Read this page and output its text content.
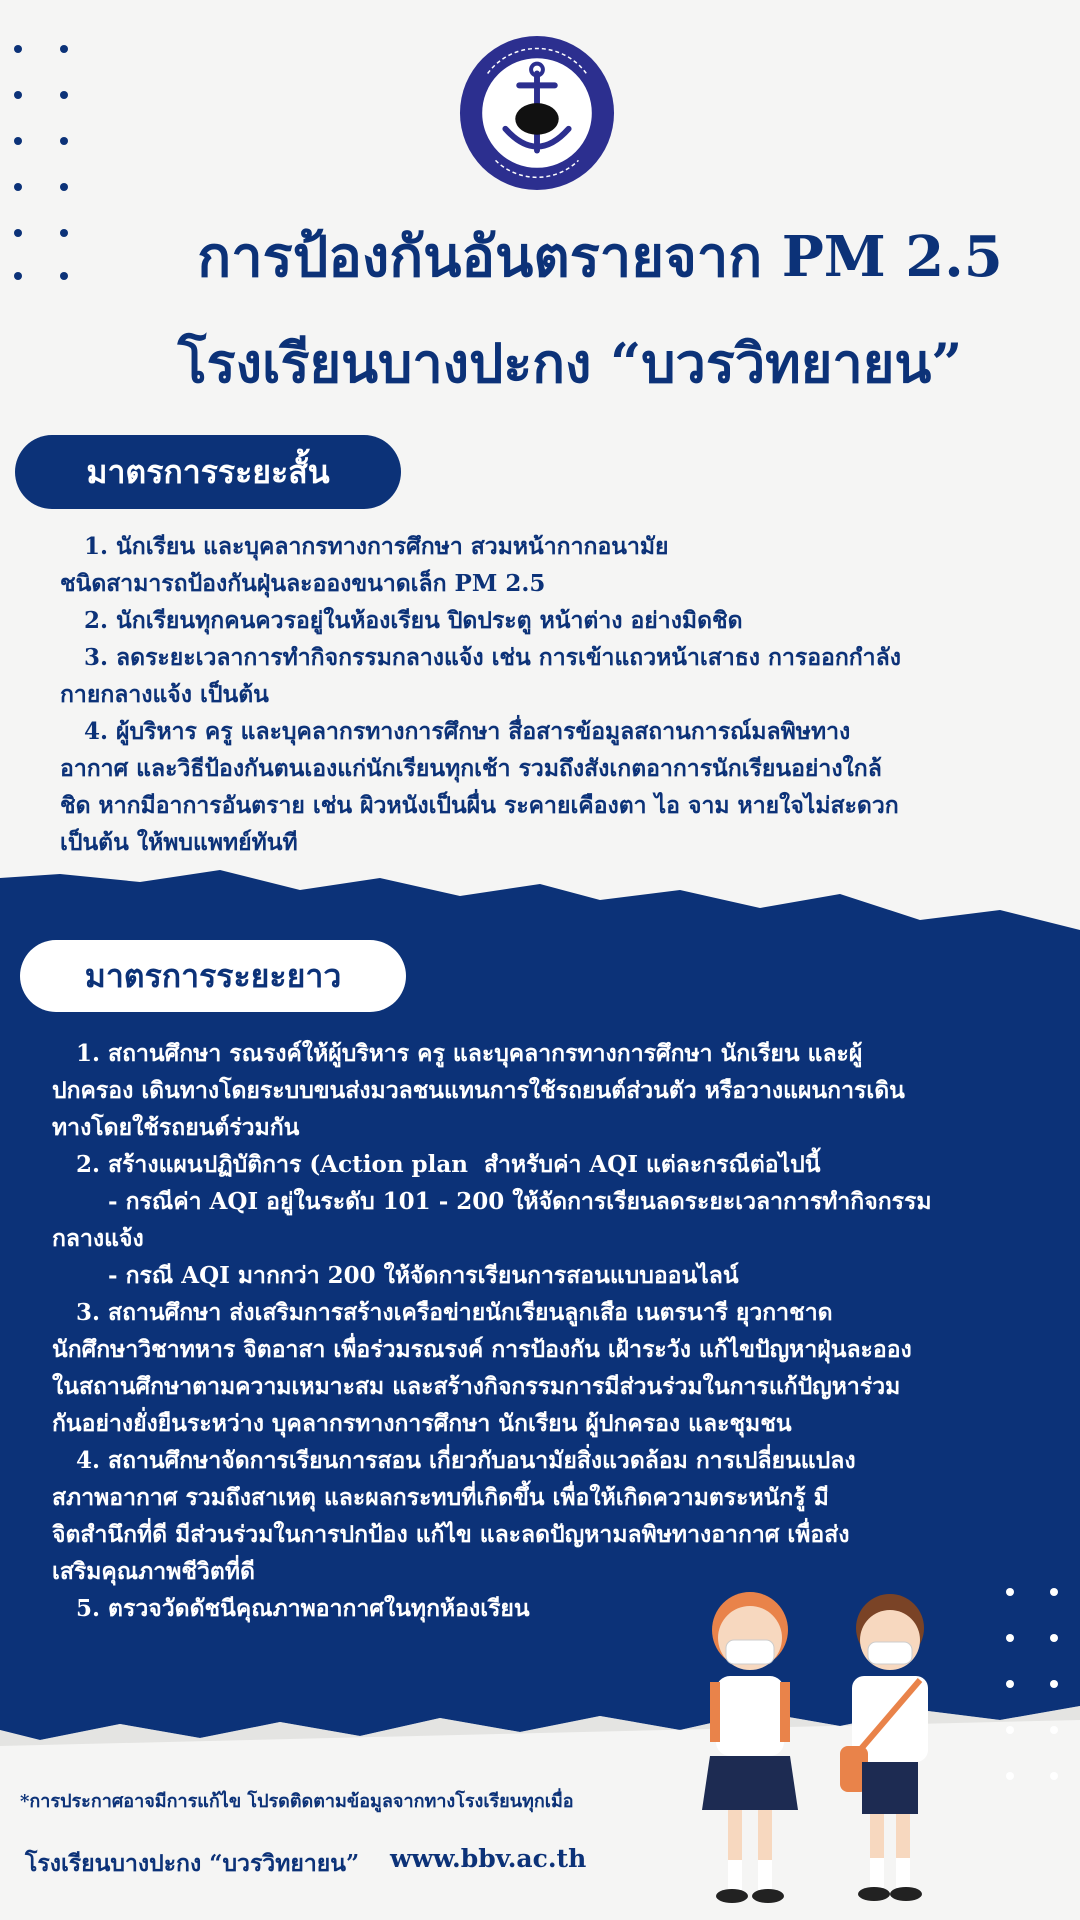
การป้องกันอันตรายจาก PM 2.5
โรงเรียนบางปะกง “บวรวิทยายน”
มาตรการระยะสั้น
1. นักเรียน และบุคลากรทางการศึกษา สวมหน้ากากอนามัย
ชนิดสามารถป้องกันฝุ่นละอองขนาดเล็ก PM 2.5
2. นักเรียนทุกคนควรอยู่ในห้องเรียน ปิดประตู หน้าต่าง อย่างมิดชิด
3. ลดระยะเวลาการทำกิจกรรมกลางแจ้ง เช่น การเข้าแถวหน้าเสาธง การออกกำลัง
กายกลางแจ้ง เป็นต้น
4. ผู้บริหาร ครู และบุคลากรทางการศึกษา สื่อสารข้อมูลสถานการณ์มลพิษทาง
อากาศ และวิธีป้องกันตนเองแก่นักเรียนทุกเช้า รวมถึงสังเกตอาการนักเรียนอย่างใกล้
ชิด หากมีอาการอันตราย เช่น ผิวหนังเป็นผื่น ระคายเคืองตา ไอ จาม หายใจไม่สะดวก
เป็นต้น ให้พบแพทย์ทันที
มาตรการระยะยาว
1. สถานศึกษา รณรงค์ให้ผู้บริหาร ครู และบุคลากรทางการศึกษา นักเรียน และผู้
ปกครอง เดินทางโดยระบบขนส่งมวลชนแทนการใช้รถยนต์ส่วนตัว หรือวางแผนการเดิน
ทางโดยใช้รถยนต์ร่วมกัน
2. สร้างแผนปฏิบัติการ (Action plan  สำหรับค่า AQI แต่ละกรณีต่อไปนี้
- กรณีค่า AQI อยู่ในระดับ 101 - 200 ให้จัดการเรียนลดระยะเวลาการทำกิจกรรม
กลางแจ้ง
- กรณี AQI มากกว่า 200 ให้จัดการเรียนการสอนแบบออนไลน์
3. สถานศึกษา ส่งเสริมการสร้างเครือข่ายนักเรียนลูกเสือ เนตรนารี ยุวกาชาด
นักศึกษาวิชาทหาร จิตอาสา เพื่อร่วมรณรงค์ การป้องกัน เฝ้าระวัง แก้ไขปัญหาฝุ่นละออง
ในสถานศึกษาตามความเหมาะสม และสร้างกิจกรรมการมีส่วนร่วมในการแก้ปัญหาร่วม
กันอย่างยั่งยืนระหว่าง บุคลากรทางการศึกษา นักเรียน ผู้ปกครอง และชุมชน
4. สถานศึกษาจัดการเรียนการสอน เกี่ยวกับอนามัยสิ่งแวดล้อม การเปลี่ยนแปลง
สภาพอากาศ รวมถึงสาเหตุ และผลกระทบที่เกิดขึ้น เพื่อให้เกิดความตระหนักรู้ มี
จิตสำนึกที่ดี มีส่วนร่วมในการปกป้อง แก้ไข และลดปัญหามลพิษทางอากาศ เพื่อส่ง
เสริมคุณภาพชีวิตที่ดี
5. ตรวจวัดดัชนีคุณภาพอากาศในทุกห้องเรียน
*การประกาศอาจมีการแก้ไข โปรดติดตามข้อมูลจากทางโรงเรียนทุกเมื่อ
โรงเรียนบางปะกง “บวรวิทยายน” www.bbv.ac.th
